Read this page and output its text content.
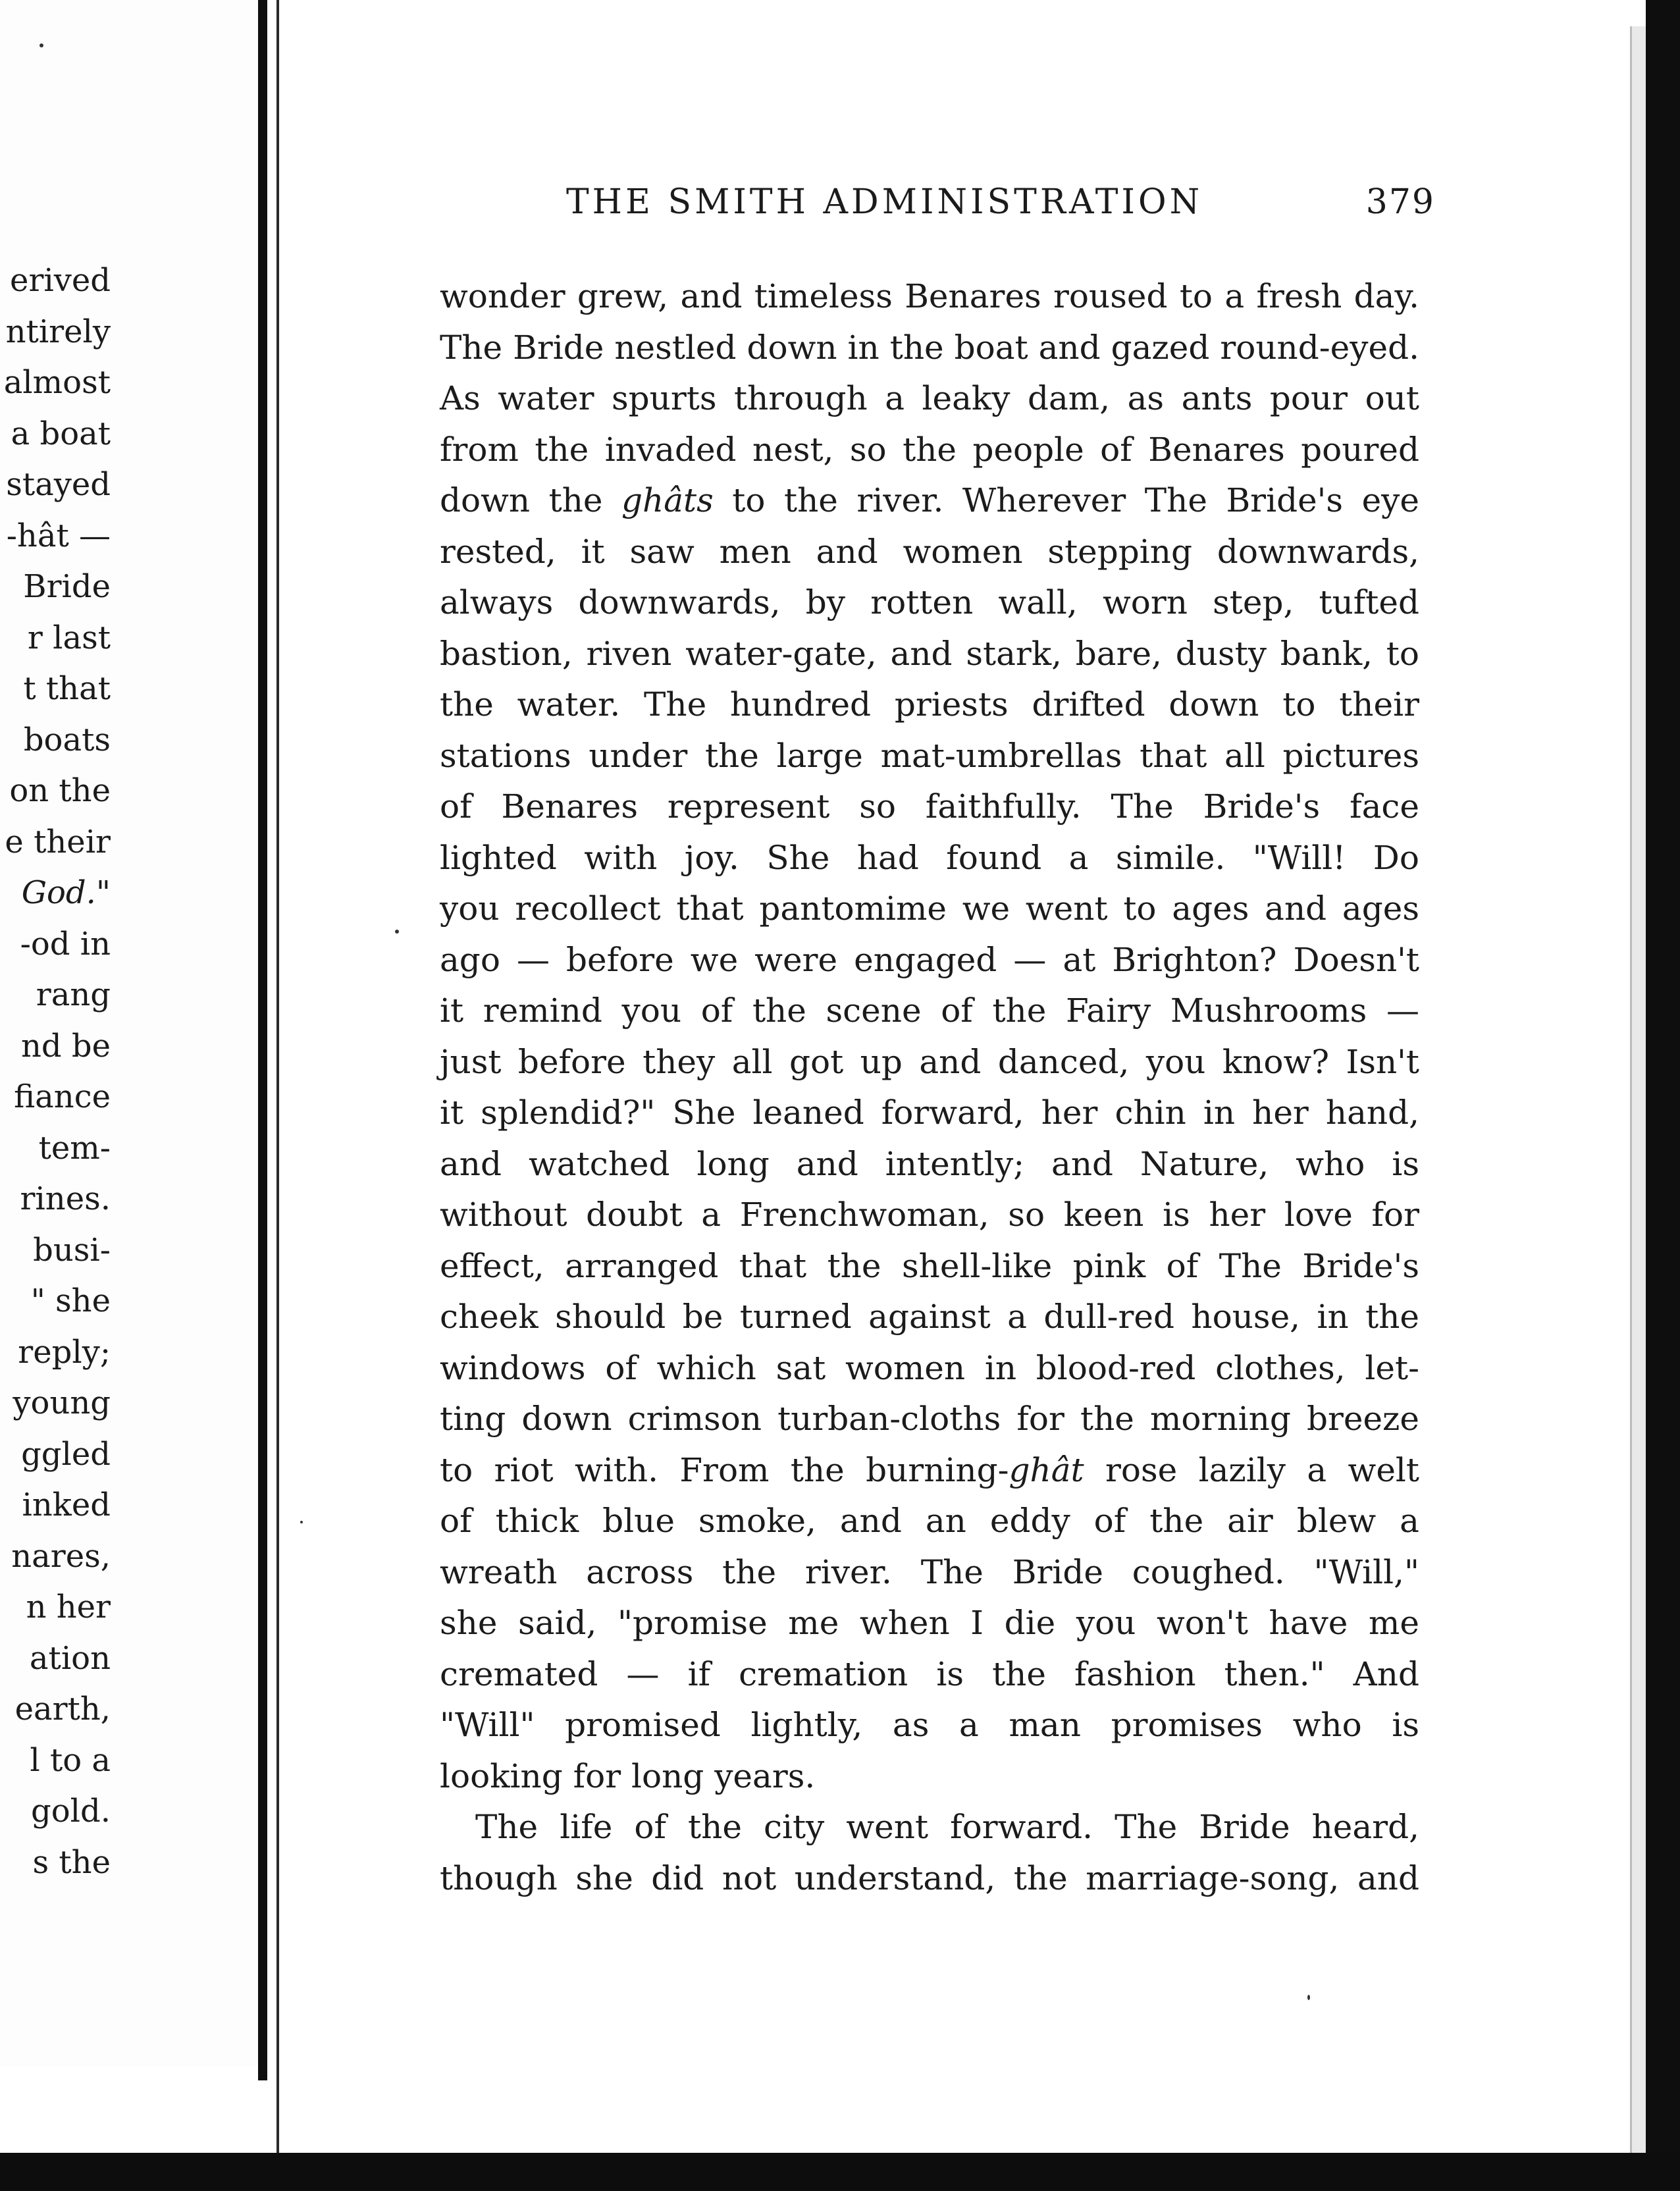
erived
ntirely
almost
a boat
stayed
-hât —
Bride
r last
t that
boats
on the
e their
God."
-od in
rang
nd be
fiance
tem-
rines.
busi-
" she
reply;
young
ggled
inked
nares,
n her
ation
earth,
l to a
gold.
s the
THE SMITH ADMINISTRATION	379
wonder grew, and timeless Benares roused to a fresh day.
The Bride nestled down in the boat and gazed round-eyed.
As water spurts through a leaky dam, as ants pour out
from the invaded nest, so the people of Benares poured
down the ghâts to the river. Wherever The Bride's eye
rested, it saw men and women stepping downwards,
always downwards, by rotten wall, worn step, tufted
bastion, riven water-gate, and stark, bare, dusty bank, to
the water. The hundred priests drifted down to their
stations under the large mat-umbrellas that all pictures
of Benares represent so faithfully. The Bride's face
lighted with joy. She had found a simile. "Will! Do
you recollect that pantomime we went to ages and ages
ago — before we were engaged — at Brighton? Doesn't
it remind you of the scene of the Fairy Mushrooms —
just before they all got up and danced, you know? Isn't
it splendid?" She leaned forward, her chin in her hand,
and watched long and intently; and Nature, who is
without doubt a Frenchwoman, so keen is her love for
effect, arranged that the shell-like pink of The Bride's
cheek should be turned against a dull-red house, in the
windows of which sat women in blood-red clothes, let-
ting down crimson turban-cloths for the morning breeze
to riot with. From the burning-ghât rose lazily a welt
of thick blue smoke, and an eddy of the air blew a
wreath across the river. The Bride coughed. "Will,"
she said, "promise me when I die you won't have me
cremated — if cremation is the fashion then." And
"Will" promised lightly, as a man promises who is
looking for long years.
The life of the city went forward. The Bride heard,
though she did not understand, the marriage-song, and
